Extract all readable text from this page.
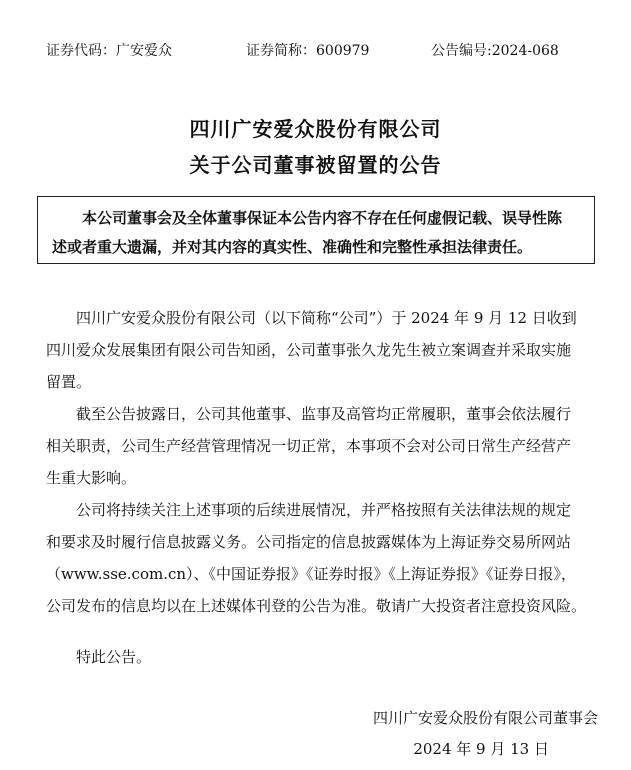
证券代码：广安爱众	证券简称：600979	公告编号:2024-068
四川广安爱众股份有限公司
关于公司董事被留置的公告
本公司董事会及全体董事保证本公告内容不存在任何虚假记载、误导性陈
述或者重大遗漏，并对其内容的真实性、准确性和完整性承担法律责任。

四川广安爱众股份有限公司（以下简称“公司”）于 2024 年 9 月 12 日收到
四川爱众发展集团有限公司告知函，公司董事张久龙先生被立案调查并采取实施
留置。

截至公告披露日，公司其他董事、监事及高管均正常履职，董事会依法履行
相关职责，公司生产经营管理情况一切正常，本事项不会对公司日常生产经营产
生重大影响。

公司将持续关注上述事项的后续进展情况，并严格按照有关法律法规的规定
和要求及时履行信息披露义务。公司指定的信息披露媒体为上海证券交易所网站
（www.sse.com.cn）、《中国证券报》《证券时报》《上海证券报》《证券日报》，
公司发布的信息均以在上述媒体刊登的公告为准。敬请广大投资者注意投资风险。

特此公告。
四川广安爱众股份有限公司董事会
2024 年 9 月 13 日
